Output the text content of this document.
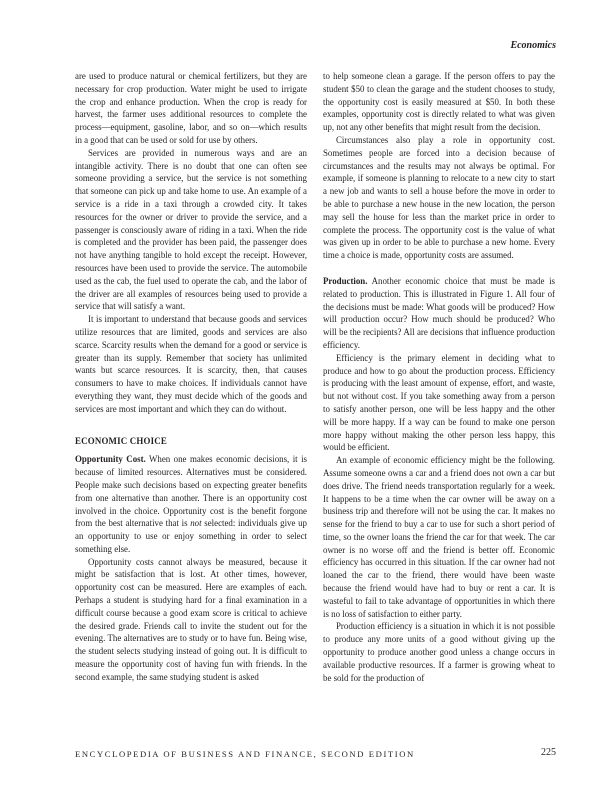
Economics

are used to produce natural or chemical fertilizers, but they are necessary for crop production. Water might be used to irrigate the crop and enhance production. When the crop is ready for harvest, the farmer uses additional resources to complete the process—equipment, gasoline, labor, and so on—which results in a good that can be used or sold for use by others.

Services are provided in numerous ways and are an intangible activity. There is no doubt that one can often see someone providing a service, but the service is not something that someone can pick up and take home to use. An example of a service is a ride in a taxi through a crowded city. It takes resources for the owner or driver to provide the service, and a passenger is consciously aware of riding in a taxi. When the ride is completed and the provider has been paid, the passenger does not have anything tangible to hold except the receipt. However, resources have been used to provide the service. The automobile used as the cab, the fuel used to operate the cab, and the labor of the driver are all examples of resources being used to provide a service that will satisfy a want.

It is important to understand that because goods and services utilize resources that are limited, goods and services are also scarce. Scarcity results when the demand for a good or service is greater than its supply. Remember that society has unlimited wants but scarce resources. It is scarcity, then, that causes consumers to have to make choices. If individuals cannot have everything they want, they must decide which of the goods and services are most important and which they can do without.

ECONOMIC CHOICE

Opportunity Cost. When one makes economic decisions, it is because of limited resources. Alternatives must be considered. People make such decisions based on expecting greater benefits from one alternative than another. There is an opportunity cost involved in the choice. Opportunity cost is the benefit forgone from the best alternative that is not selected: individuals give up an opportunity to use or enjoy something in order to select something else.

Opportunity costs cannot always be measured, because it might be satisfaction that is lost. At other times, however, opportunity cost can be measured. Here are examples of each. Perhaps a student is studying hard for a final examination in a difficult course because a good exam score is critical to achieve the desired grade. Friends call to invite the student out for the evening. The alternatives are to study or to have fun. Being wise, the student selects studying instead of going out. It is difficult to measure the opportunity cost of having fun with friends. In the second example, the same studying student is asked

to help someone clean a garage. If the person offers to pay the student $50 to clean the garage and the student chooses to study, the opportunity cost is easily measured at $50. In both these examples, opportunity cost is directly related to what was given up, not any other benefits that might result from the decision.

Circumstances also play a role in opportunity cost. Sometimes people are forced into a decision because of circumstances and the results may not always be optimal. For example, if someone is planning to relocate to a new city to start a new job and wants to sell a house before the move in order to be able to purchase a new house in the new location, the person may sell the house for less than the market price in order to complete the process. The opportunity cost is the value of what was given up in order to be able to purchase a new home. Every time a choice is made, opportunity costs are assumed.

Production. Another economic choice that must be made is related to production. This is illustrated in Figure 1. All four of the decisions must be made: What goods will be produced? How will production occur? How much should be produced? Who will be the recipients? All are decisions that influence production efficiency.

Efficiency is the primary element in deciding what to produce and how to go about the production process. Efficiency is producing with the least amount of expense, effort, and waste, but not without cost. If you take something away from a person to satisfy another person, one will be less happy and the other will be more happy. If a way can be found to make one person more happy without making the other person less happy, this would be efficient.

An example of economic efficiency might be the following. Assume someone owns a car and a friend does not own a car but does drive. The friend needs transportation regularly for a week. It happens to be a time when the car owner will be away on a business trip and therefore will not be using the car. It makes no sense for the friend to buy a car to use for such a short period of time, so the owner loans the friend the car for that week. The car owner is no worse off and the friend is better off. Economic efficiency has occurred in this situation. If the car owner had not loaned the car to the friend, there would have been waste because the friend would have had to buy or rent a car. It is wasteful to fail to take advantage of opportunities in which there is no loss of satisfaction to either party.

Production efficiency is a situation in which it is not possible to produce any more units of a good without giving up the opportunity to produce another good unless a change occurs in available productive resources. If a farmer is growing wheat to be sold for the production of

ENCYCLOPEDIA OF BUSINESS AND FINANCE, SECOND EDITION	225
